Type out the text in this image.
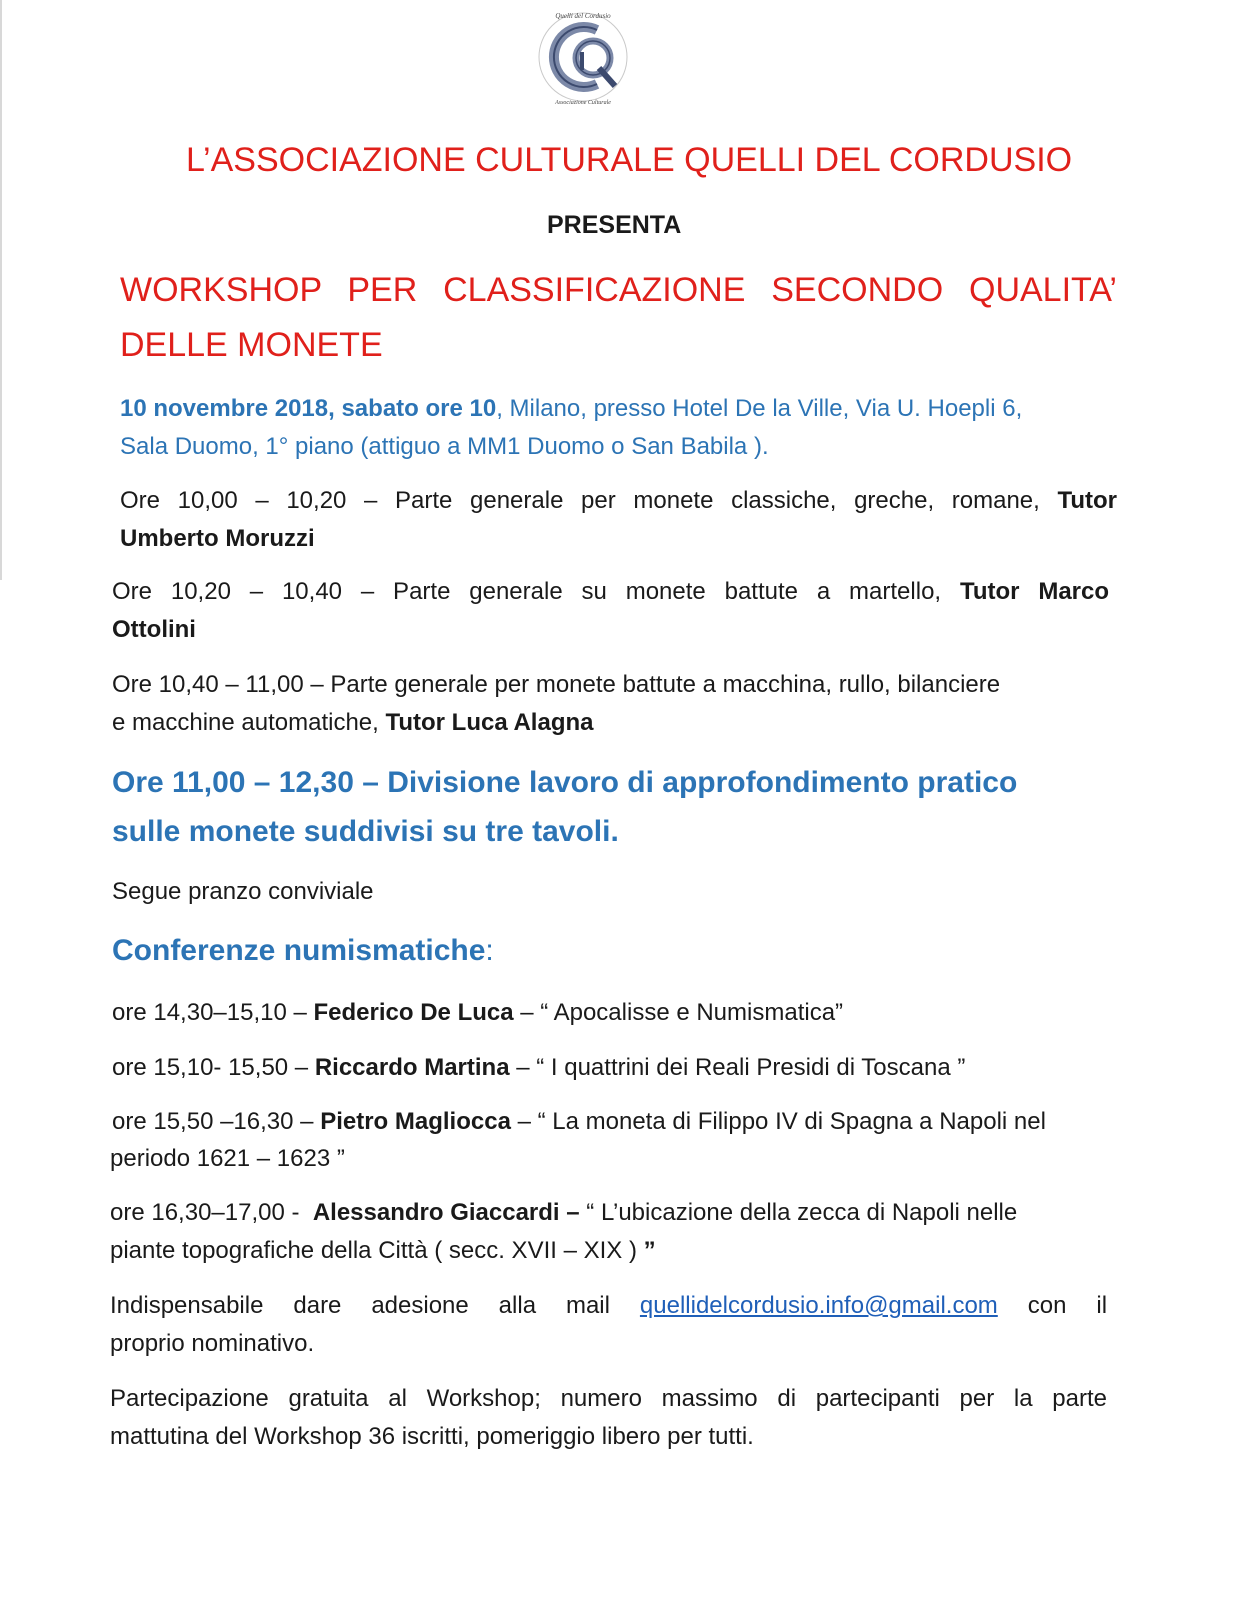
Quelli del Cordusio
Associazione Culturale
L’ASSOCIAZIONE CULTURALE QUELLI DEL CORDUSIO
PRESENTA
WORKSHOP PER CLASSIFICAZIONE SECONDO QUALITA’
DELLE MONETE
10 novembre 2018, sabato ore 10, Milano, presso Hotel De la Ville, Via U. Hoepli 6,
Sala Duomo, 1° piano (attiguo a MM1 Duomo o San Babila ).
Ore 10,00 – 10,20 – Parte generale per monete classiche, greche, romane, Tutor
Umberto Moruzzi
Ore 10,20 – 10,40 – Parte generale su monete battute a martello, Tutor Marco
Ottolini
Ore 10,40 – 11,00 – Parte generale per monete battute a macchina, rullo, bilanciere
e macchine automatiche, Tutor Luca Alagna
Ore 11,00 – 12,30 – Divisione lavoro di approfondimento pratico
sulle monete suddivisi su tre tavoli.
Segue pranzo conviviale
Conferenze numismatiche:
ore 14,30–15,10 – Federico De Luca – “ Apocalisse e Numismatica”
ore 15,10- 15,50 – Riccardo Martina – “ I quattrini dei Reali Presidi di Toscana ”
ore 15,50 –16,30 – Pietro Magliocca – “ La moneta di Filippo IV di Spagna a Napoli nel
periodo 1621 – 1623 ”
ore 16,30–17,00 - Alessandro Giaccardi – “ L’ubicazione della zecca di Napoli nelle
piante topografiche della Città ( secc. XVII – XIX ) ”
Indispensabile dare adesione alla mail quellidelcordusio.info@gmail.com con il
proprio nominativo.
Partecipazione gratuita al Workshop; numero massimo di partecipanti per la parte
mattutina del Workshop 36 iscritti, pomeriggio libero per tutti.
